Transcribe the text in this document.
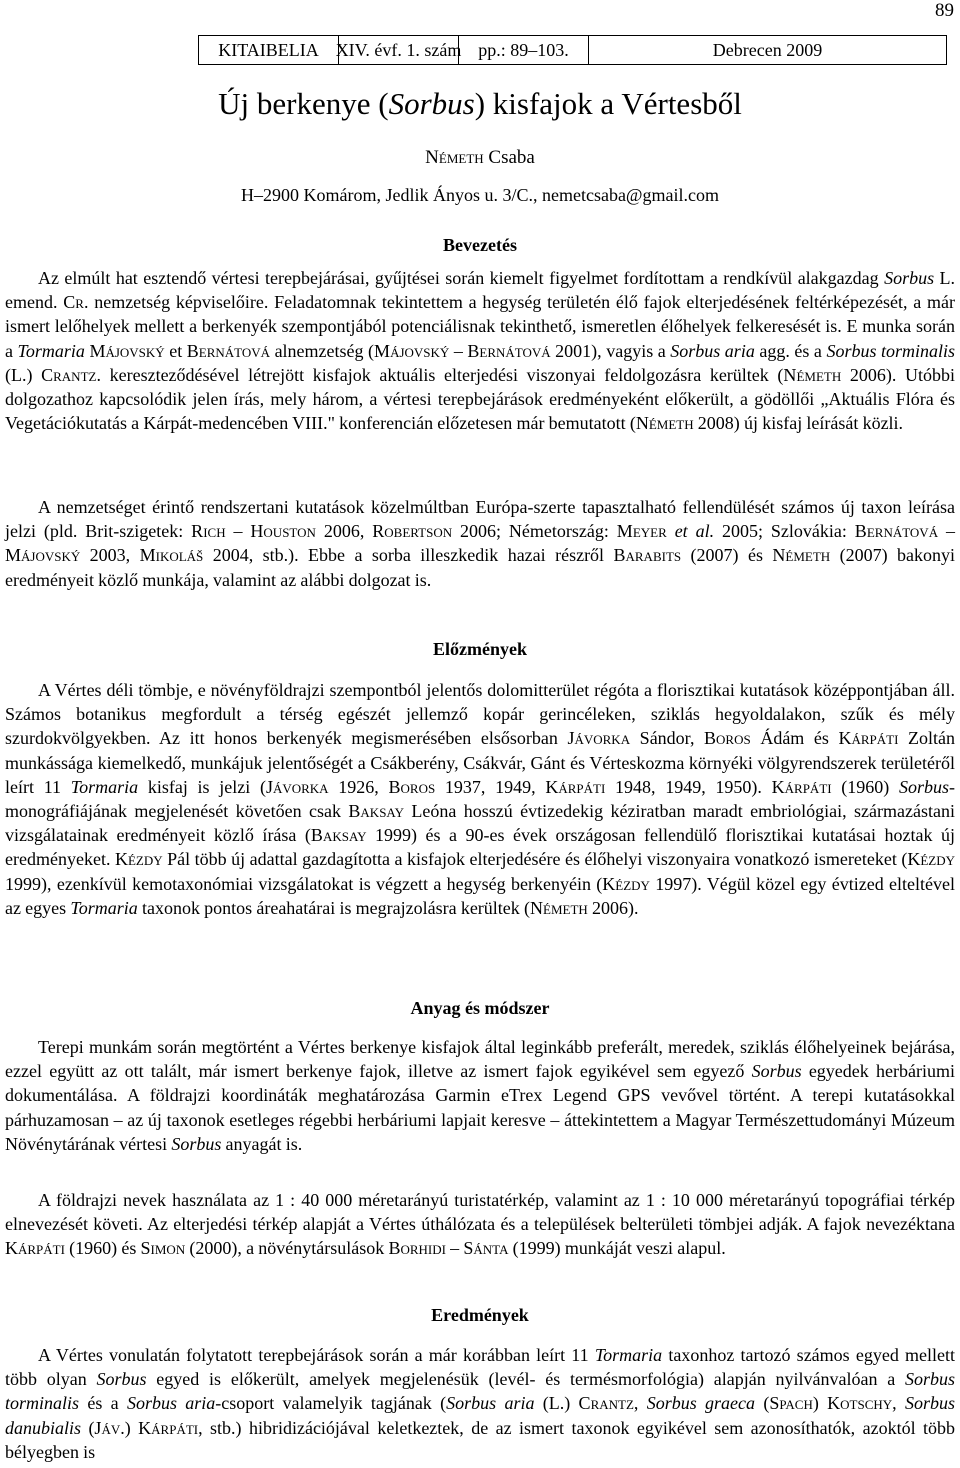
89
KITAIBELIA XIV. évf. 1. szám pp.: 89–103.	Debrecen 2009
Új berkenye (Sorbus) kisfajok a Vértesből
Németh Csaba
H–2900 Komárom, Jedlik Ányos u. 3/C., nemetcsaba@gmail.com
Bevezetés

Az elmúlt hat esztendő vértesi terepbejárásai, gyűjtései során kiemelt figyelmet fordítottam a rendkívül alakgazdag Sorbus L. emend. Cr. nemzetség képviselőire. Feladatomnak tekintettem a hegység területén élő fajok elterjedésének feltérképezését, a már ismert lelőhelyek mellett a berkenyék szempontjából potenciálisnak tekinthető, ismeretlen élőhelyek felkeresését is. E munka során a Tormaria Májovský et Bernátová alnemzetség (Májovský – Bernátová 2001), vagyis a Sorbus aria agg. és a Sorbus torminalis (L.) Crantz. kereszteződésével létrejött kisfajok aktuális elterjedési viszonyai feldolgozásra kerültek (Németh 2006). Utóbbi dolgozathoz kapcsolódik jelen írás, mely három, a vértesi terepbejárások eredményeként előkerült, a gödöllői „Aktuális Flóra és Vegetációkutatás a Kárpát-medencében VIII." konferencián előzetesen már bemutatott (Németh 2008) új kisfaj leírását közli.

A nemzetséget érintő rendszertani kutatások közelmúltban Európa-szerte tapasztalható fellendülését számos új taxon leírása jelzi (pld. Brit-szigetek: Rich – Houston 2006, Robertson 2006; Németország: Meyer et al. 2005; Szlovákia: Bernátová – Májovský 2003, Mikoláš 2004, stb.). Ebbe a sorba illeszkedik hazai részről Barabits (2007) és Németh (2007) bakonyi eredményeit közlő munkája, valamint az alábbi dolgozat is.

Előzmények

A Vértes déli tömbje, e növényföldrajzi szempontból jelentős dolomitterület régóta a florisztikai kutatások középpontjában áll. Számos botanikus megfordult a térség egészét jellemző kopár gerincéleken, sziklás hegyoldalakon, szűk és mély szurdokvölgyekben. Az itt honos berkenyék megismerésében elsősorban Jávorka Sándor, Boros Ádám és Kárpáti Zoltán munkássága kiemelkedő, munkájuk jelentőségét a Csákberény, Csákvár, Gánt és Vérteskozma környéki völgyrendszerek területéről leírt 11 Tormaria kisfaj is jelzi (Jávorka 1926, Boros 1937, 1949, Kárpáti 1948, 1949, 1950). Kárpáti (1960) Sorbus-monográfiájának megjelenését követően csak Baksay Leóna hosszú évtizedekig kéziratban maradt embriológiai, származástani vizsgálatainak eredményeit közlő írása (Baksay 1999) és a 90-es évek országosan fellendülő florisztikai kutatásai hoztak új eredményeket. Kézdy Pál több új adattal gazdagította a kisfajok elterjedésére és élőhelyi viszonyaira vonatkozó ismereteket (Kézdy 1999), ezenkívül kemotaxonómiai vizsgálatokat is végzett a hegység berkenyéin (Kézdy 1997). Végül közel egy évtized elteltével az egyes Tormaria taxonok pontos áreahatárai is megrajzolásra kerültek (Németh 2006).

Anyag és módszer

Terepi munkám során megtörtént a Vértes berkenye kisfajok által leginkább preferált, meredek, sziklás élőhelyeinek bejárása, ezzel együtt az ott talált, már ismert berkenye fajok, illetve az ismert fajok egyikével sem egyező Sorbus egyedek herbáriumi dokumentálása. A földrajzi koordináták meghatározása Garmin eTrex Legend GPS vevővel történt. A terepi kutatásokkal párhuzamosan – az új taxonok esetleges régebbi herbáriumi lapjait keresve – áttekintettem a Magyar Természettudományi Múzeum Növénytárának vértesi Sorbus anyagát is.

A földrajzi nevek használata az 1 : 40 000 méretarányú turistatérkép, valamint az 1 : 10 000 méretarányú topográfiai térkép elnevezését követi. Az elterjedési térkép alapját a Vértes úthálózata és a települések belterületi tömbjei adják. A fajok nevezéktana Kárpáti (1960) és Simon (2000), a növénytársulások Borhidi – Sánta (1999) munkáját veszi alapul.

Eredmények

A Vértes vonulatán folytatott terepbejárások során a már korábban leírt 11 Tormaria taxonhoz tartozó számos egyed mellett több olyan Sorbus egyed is előkerült, amelyek megjelenésük (levél- és termésmorfológia) alapján nyilvánvalóan a Sorbus torminalis és a Sorbus aria-csoport valamelyik tagjának (Sorbus aria (L.) Crantz, Sorbus graeca (Spach) Kotschy, Sorbus danubialis (Jáv.) Kárpáti, stb.) hibridizációjával keletkeztek, de az ismert taxonok egyikével sem azonosíthatók, azoktól több bélyegben is
